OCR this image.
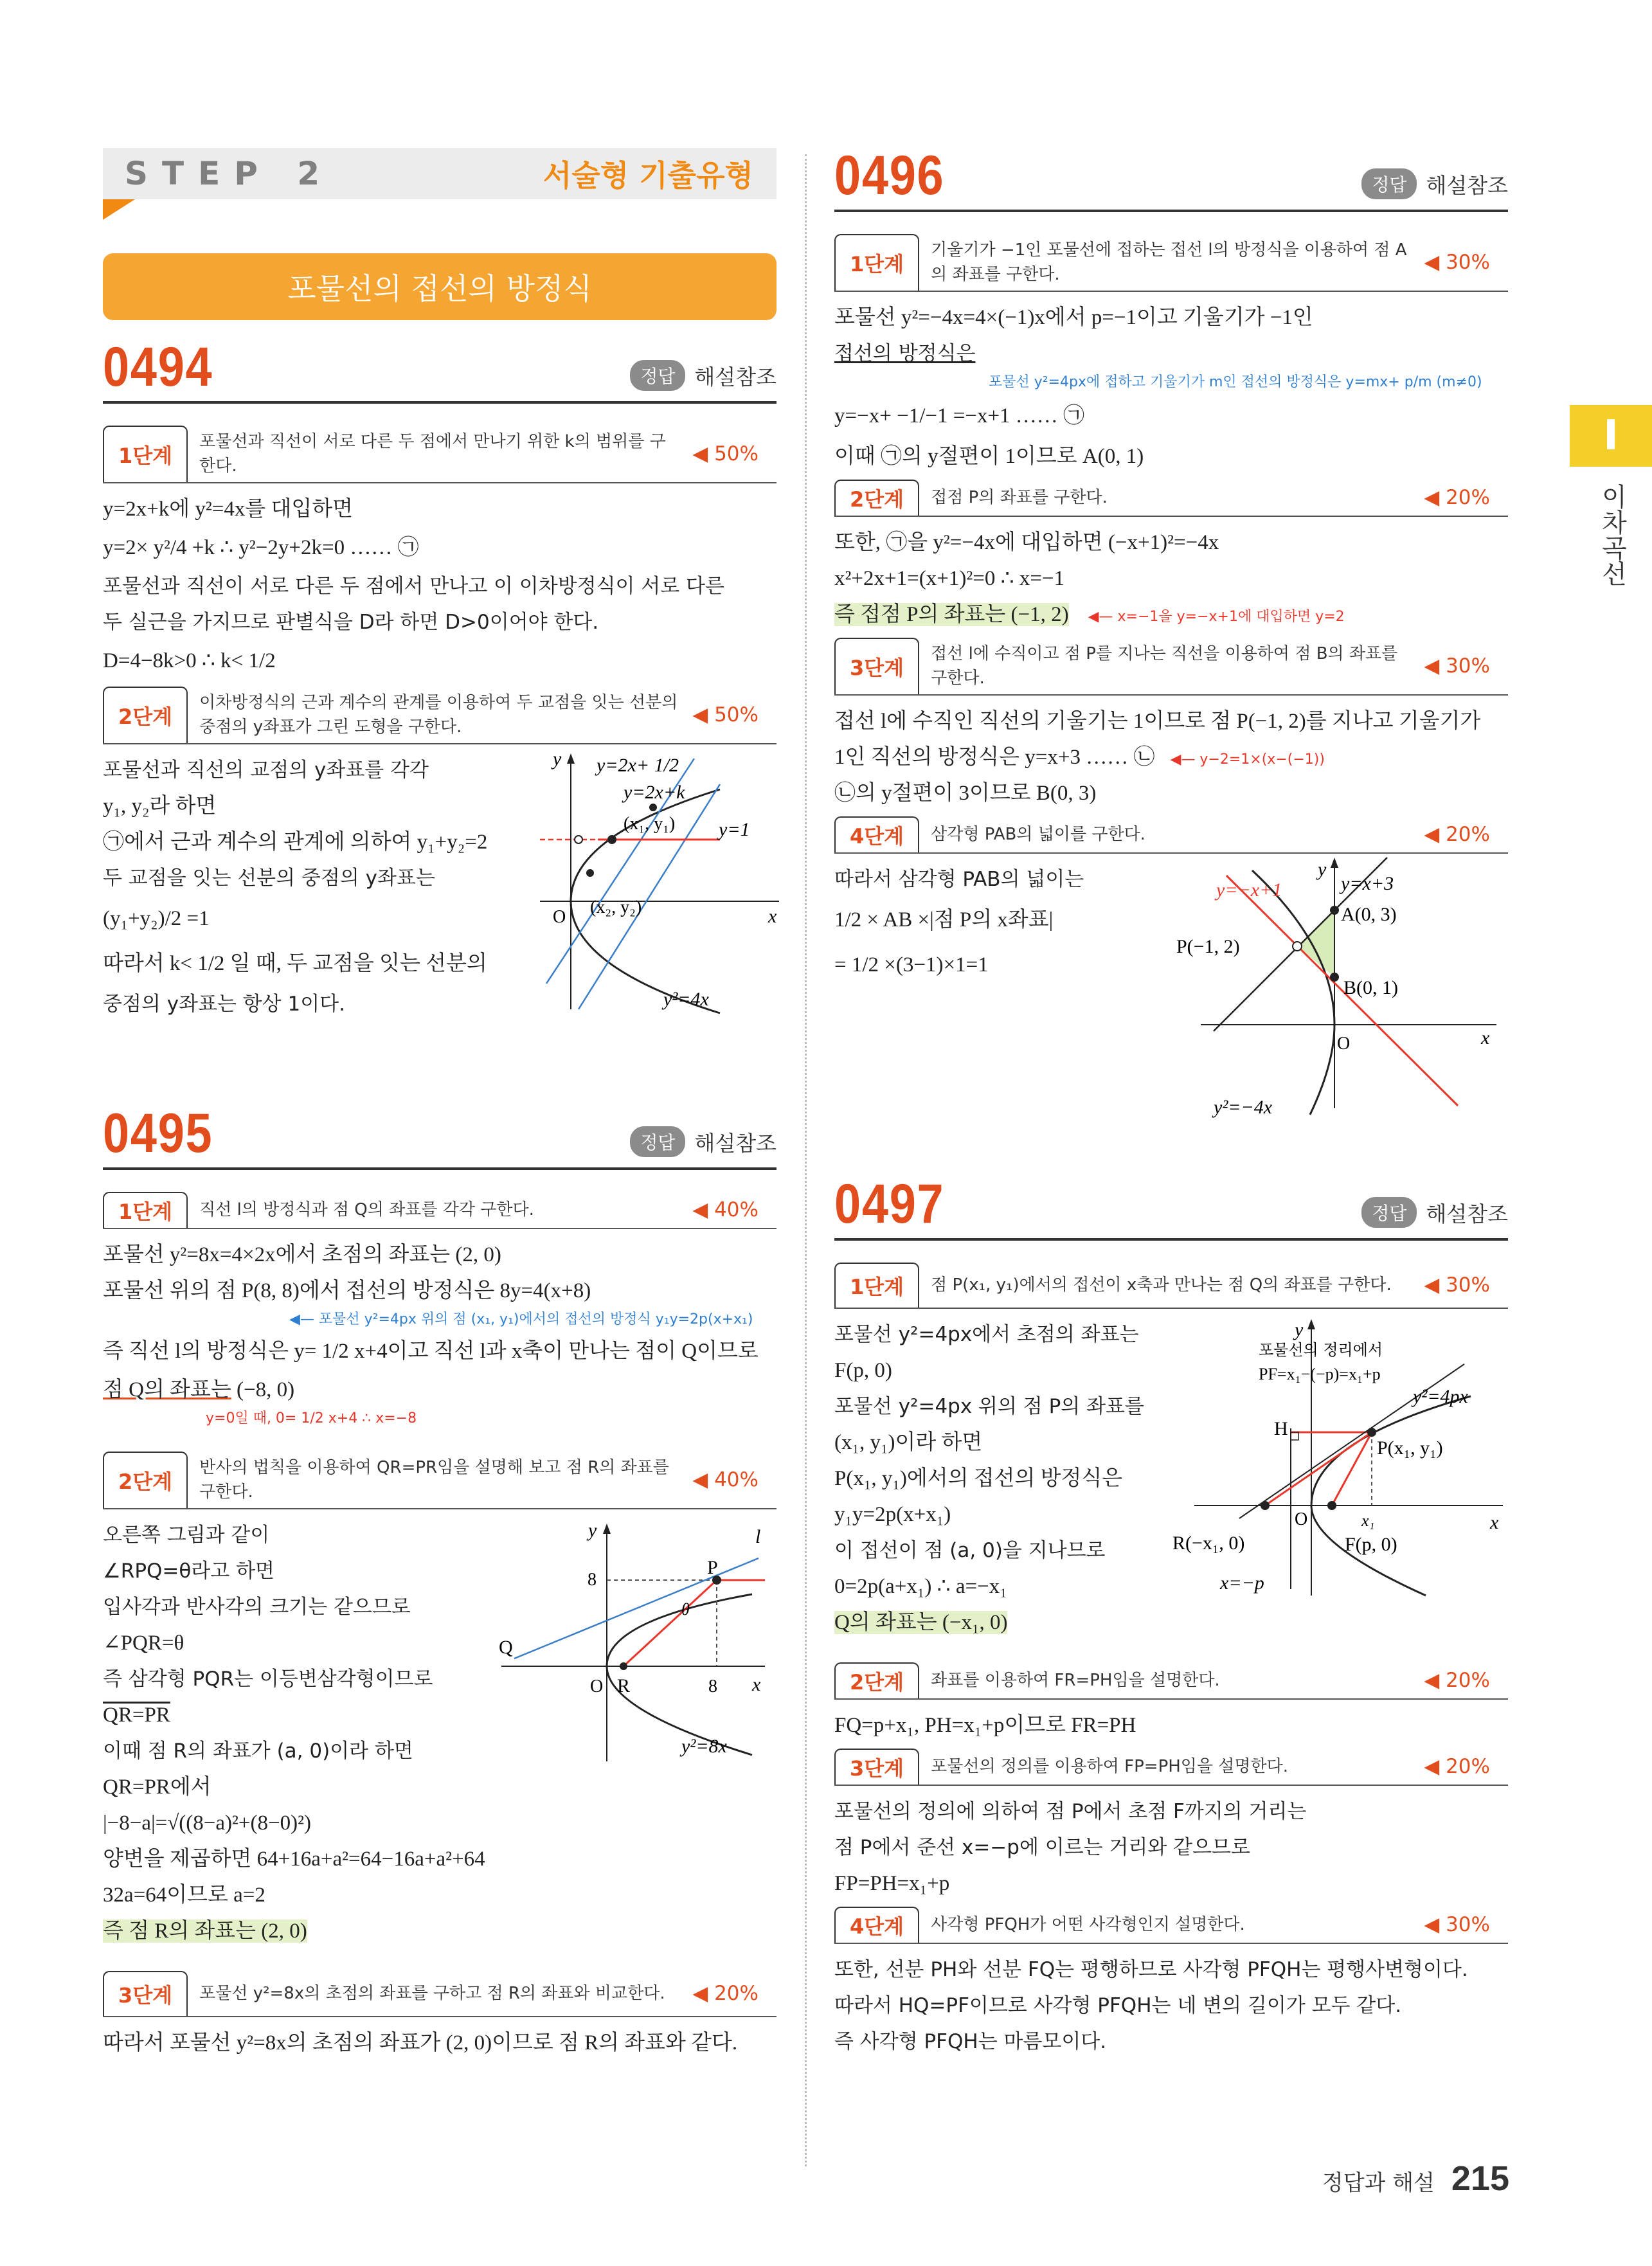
STEP 2	서술형 기출유형
포물선의 접선의 방정식
0494	정답 해설참조
1단계
포물선과 직선이 서로 다른 두 점에서 만나기 위한 k의 범위를 구한다.
◀ 50%
y=2x+k에 y²=4x를 대입하면
y=2× y²/4 +k ∴ y²−2y+2k=0 …… ㉠
포물선과 직선이 서로 다른 두 점에서 만나고 이 이차방정식이 서로 다른
두 실근을 가지므로 판별식을 D라 하면 D>0이어야 한다.
D=4−8k>0 ∴ k< 1/2
2단계
이차방정식의 근과 계수의 관계를 이용하여 두 교점을 잇는 선분의 중점의 y좌표가 그린 도형을 구한다.
◀ 50%
포물선과 직선의 교점의 y좌표를 각각
y₁, y₂라 하면
㉠에서 근과 계수의 관계에 의하여 y₁+y₂=2
두 교점을 잇는 선분의 중점의 y좌표는
(y₁+y₂)/2 =1
따라서 k< 1/2 일 때, 두 교점을 잇는 선분의
중점의 y좌표는 항상 1이다.
y
x
O
y=2x+ 1/2
y=2x+k
(x₁, y₁)
(x₂, y₂)
y=1
y²=4x
0495	정답 해설참조
1단계	직선 l의 방정식과 점 Q의 좌표를 각각 구한다.	◀ 40%
포물선 y²=8x=4×2x에서 초점의 좌표는 (2, 0)
포물선 위의 점 P(8, 8)에서 접선의 방정식은 8y=4(x+8)
◀— 포물선 y²=4px 위의 점 (x₁, y₁)에서의 접선의 방정식 y₁y=2p(x+x₁)
즉 직선 l의 방정식은 y= 1/2 x+4이고 직선 l과 x축이 만나는 점이 Q이므로
점 Q의 좌표는 (−8, 0)
y=0일 때, 0= 1/2 x+4 ∴ x=−8
2단계
반사의 법칙을 이용하여 QR=PR임을 설명해 보고 점 R의 좌표를 구한다.
◀ 40%
오른쪽 그림과 같이
∠RPQ=θ라고 하면
입사각과 반사각의 크기는 같으므로
∠PQR=θ
즉 삼각형 PQR는 이등변삼각형이므로
QR=PR
이때 점 R의 좌표가 (a, 0)이라 하면
QR=PR에서
|−8−a|=√((8−a)²+(8−0)²)
양변을 제곱하면 64+16a+a²=64−16a+a²+64
32a=64이므로 a=2
즉 점 R의 좌표는 (2, 0)
y
x
O R
Q
P
l
θ
8
8
y²=8x
3단계	포물선 y²=8x의 초점의 좌표를 구하고 점 R의 좌표와 비교한다.	◀ 20%
따라서 포물선 y²=8x의 초점의 좌표가 (2, 0)이므로 점 R의 좌표와 같다.
0496	정답 해설참조
1단계
기울기가 −1인 포물선에 접하는 접선 l의 방정식을 이용하여 점 A의 좌표를 구한다.
◀ 30%
포물선 y²=−4x=4×(−1)x에서 p=−1이고 기울기가 −1인
접선의 방정식은
포물선 y²=4px에 접하고 기울기가 m인 접선의 방정식은 y=mx+ p/m (m≠0)
y=−x+ −1/−1 =−x+1 …… ㉠
이때 ㉠의 y절편이 1이므로 A(0, 1)
2단계	접점 P의 좌표를 구한다.	◀ 20%
또한, ㉠을 y²=−4x에 대입하면 (−x+1)²=−4x
x²+2x+1=(x+1)²=0 ∴ x=−1
즉 접점 P의 좌표는 (−1, 2) ◀— x=−1을 y=−x+1에 대입하면 y=2
3단계
접선 l에 수직이고 점 P를 지나는 직선을 이용하여 점 B의 좌표를 구한다.
◀ 30%
접선 l에 수직인 직선의 기울기는 1이므로 점 P(−1, 2)를 지나고 기울기가
1인 직선의 방정식은 y=x+3 …… ㉡ ◀— y−2=1×(x−(−1))
㉡의 y절편이 3이므로 B(0, 3)
4단계	삼각형 PAB의 넓이를 구한다.	◀ 20%
따라서 삼각형 PAB의 넓이는
1/2 × AB ×|점 P의 x좌표|
= 1/2 ×(3−1)×1=1
y
x
O
y=−x+1	y=x+3
A(0, 3)
B(0, 1)
P(−1, 2)
y²=−4x
0497	정답 해설참조
1단계	점 P(x₁, y₁)에서의 접선이 x축과 만나는 점 Q의 좌표를 구한다.	◀ 30%
포물선 y²=4px에서 초점의 좌표는
F(p, 0)
포물선 y²=4px 위의 점 P의 좌표를
(x₁, y₁)이라 하면
P(x₁, y₁)에서의 접선의 방정식은
y₁y=2p(x+x₁)
이 접선이 점 (a, 0)을 지나므로
0=2p(a+x₁) ∴ a=−x₁
Q의 좌표는 (−x₁, 0)
y
x
O
포물선의 정리에서
PF=x₁−(−p)=x₁+p
y²=4px
H
P(x₁, y₁)
R(−x₁, 0)	F(p, 0)
x₁
x=−p
2단계	좌표를 이용하여 FR=PH임을 설명한다.	◀ 20%
FQ=p+x₁, PH=x₁+p이므로 FR=PH
3단계	포물선의 정의를 이용하여 FP=PH임을 설명한다.	◀ 20%
포물선의 정의에 의하여 점 P에서 초점 F까지의 거리는
점 P에서 준선 x=−p에 이르는 거리와 같으므로
FP=PH=x₁+p
4단계	사각형 PFQH가 어떤 사각형인지 설명한다.	◀ 30%
또한, 선분 PH와 선분 FQ는 평행하므로 사각형 PFQH는 평행사변형이다.
따라서 HQ=PF이므로 사각형 PFQH는 네 변의 길이가 모두 같다.
즉 사각형 PFQH는 마름모이다.
I
이차곡선
정답과 해설 215
